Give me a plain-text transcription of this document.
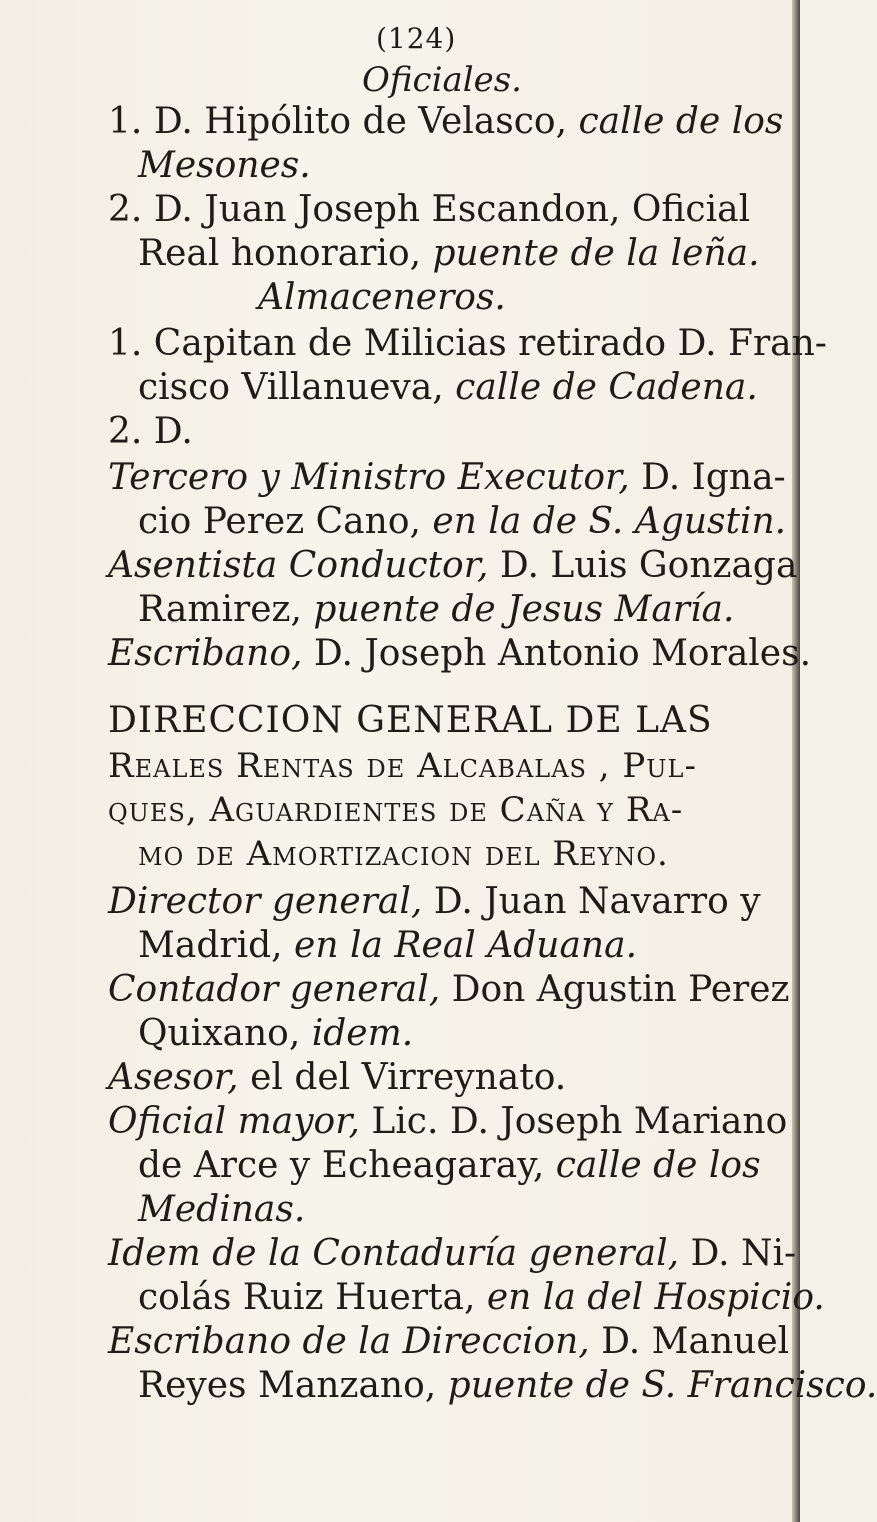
(124)
Oficiales.
1. D. Hipólito de Velasco, calle de los
Mesones.
2. D. Juan Joseph Escandon, Oficial
Real honorario, puente de la leña.
Almaceneros.
1. Capitan de Milicias retirado D. Fran-
cisco Villanueva, calle de Cadena.
2. D.
Tercero y Ministro Executor, D. Igna-
cio Perez Cano, en la de S. Agustin.
Asentista Conductor, D. Luis Gonzaga
Ramirez, puente de Jesus María.
Escribano, D. Joseph Antonio Morales.
DIRECCION GENERAL DE LAS
Reales Rentas de Alcabalas , Pul-
ques, Aguardientes de Caña y Ra-
mo de Amortizacion del Reyno.
Director general, D. Juan Navarro y
Madrid, en la Real Aduana.
Contador general, Don Agustin Perez
Quixano, idem.
Asesor, el del Virreynato.
Oficial mayor, Lic. D. Joseph Mariano
de Arce y Echeagaray, calle de los
Medinas.
Idem de la Contaduría general, D. Ni-
colás Ruiz Huerta, en la del Hospicio.
Escribano de la Direccion, D. Manuel
Reyes Manzano, puente de S. Francisco.
